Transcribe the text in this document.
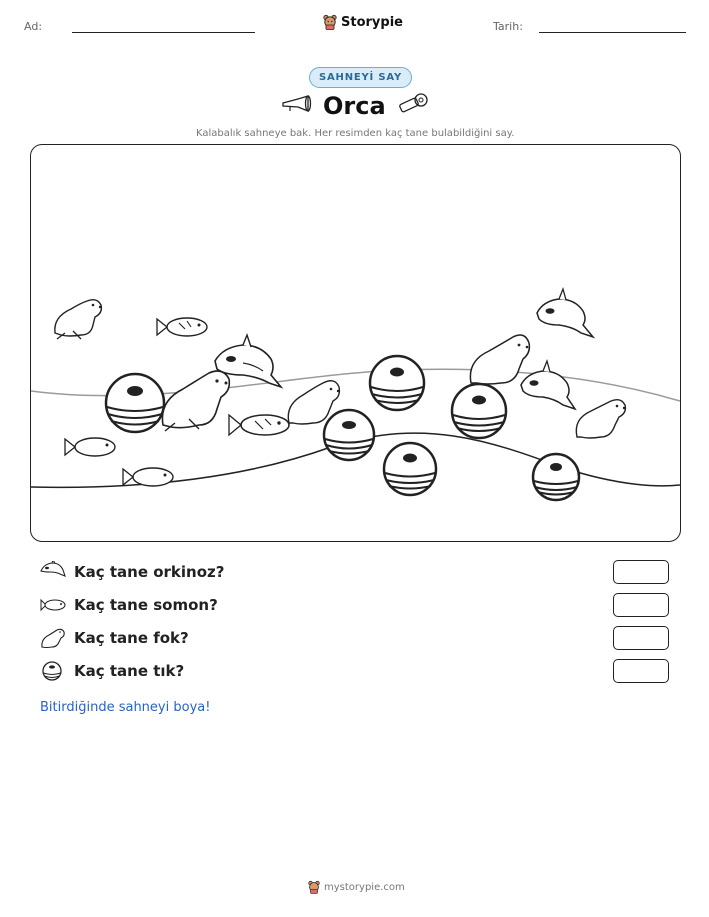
Ad:	Storypie	Tarih:
SAHNEYİ SAY
Orca
Kalabalık sahneye bak. Her resimden kaç tane bulabildiğini say.
Kaç tane orkinoz?
Kaç tane somon?
Kaç tane fok?
Kaç tane tık?
Bitirdiğinde sahneyi boya!
mystorypie.com
